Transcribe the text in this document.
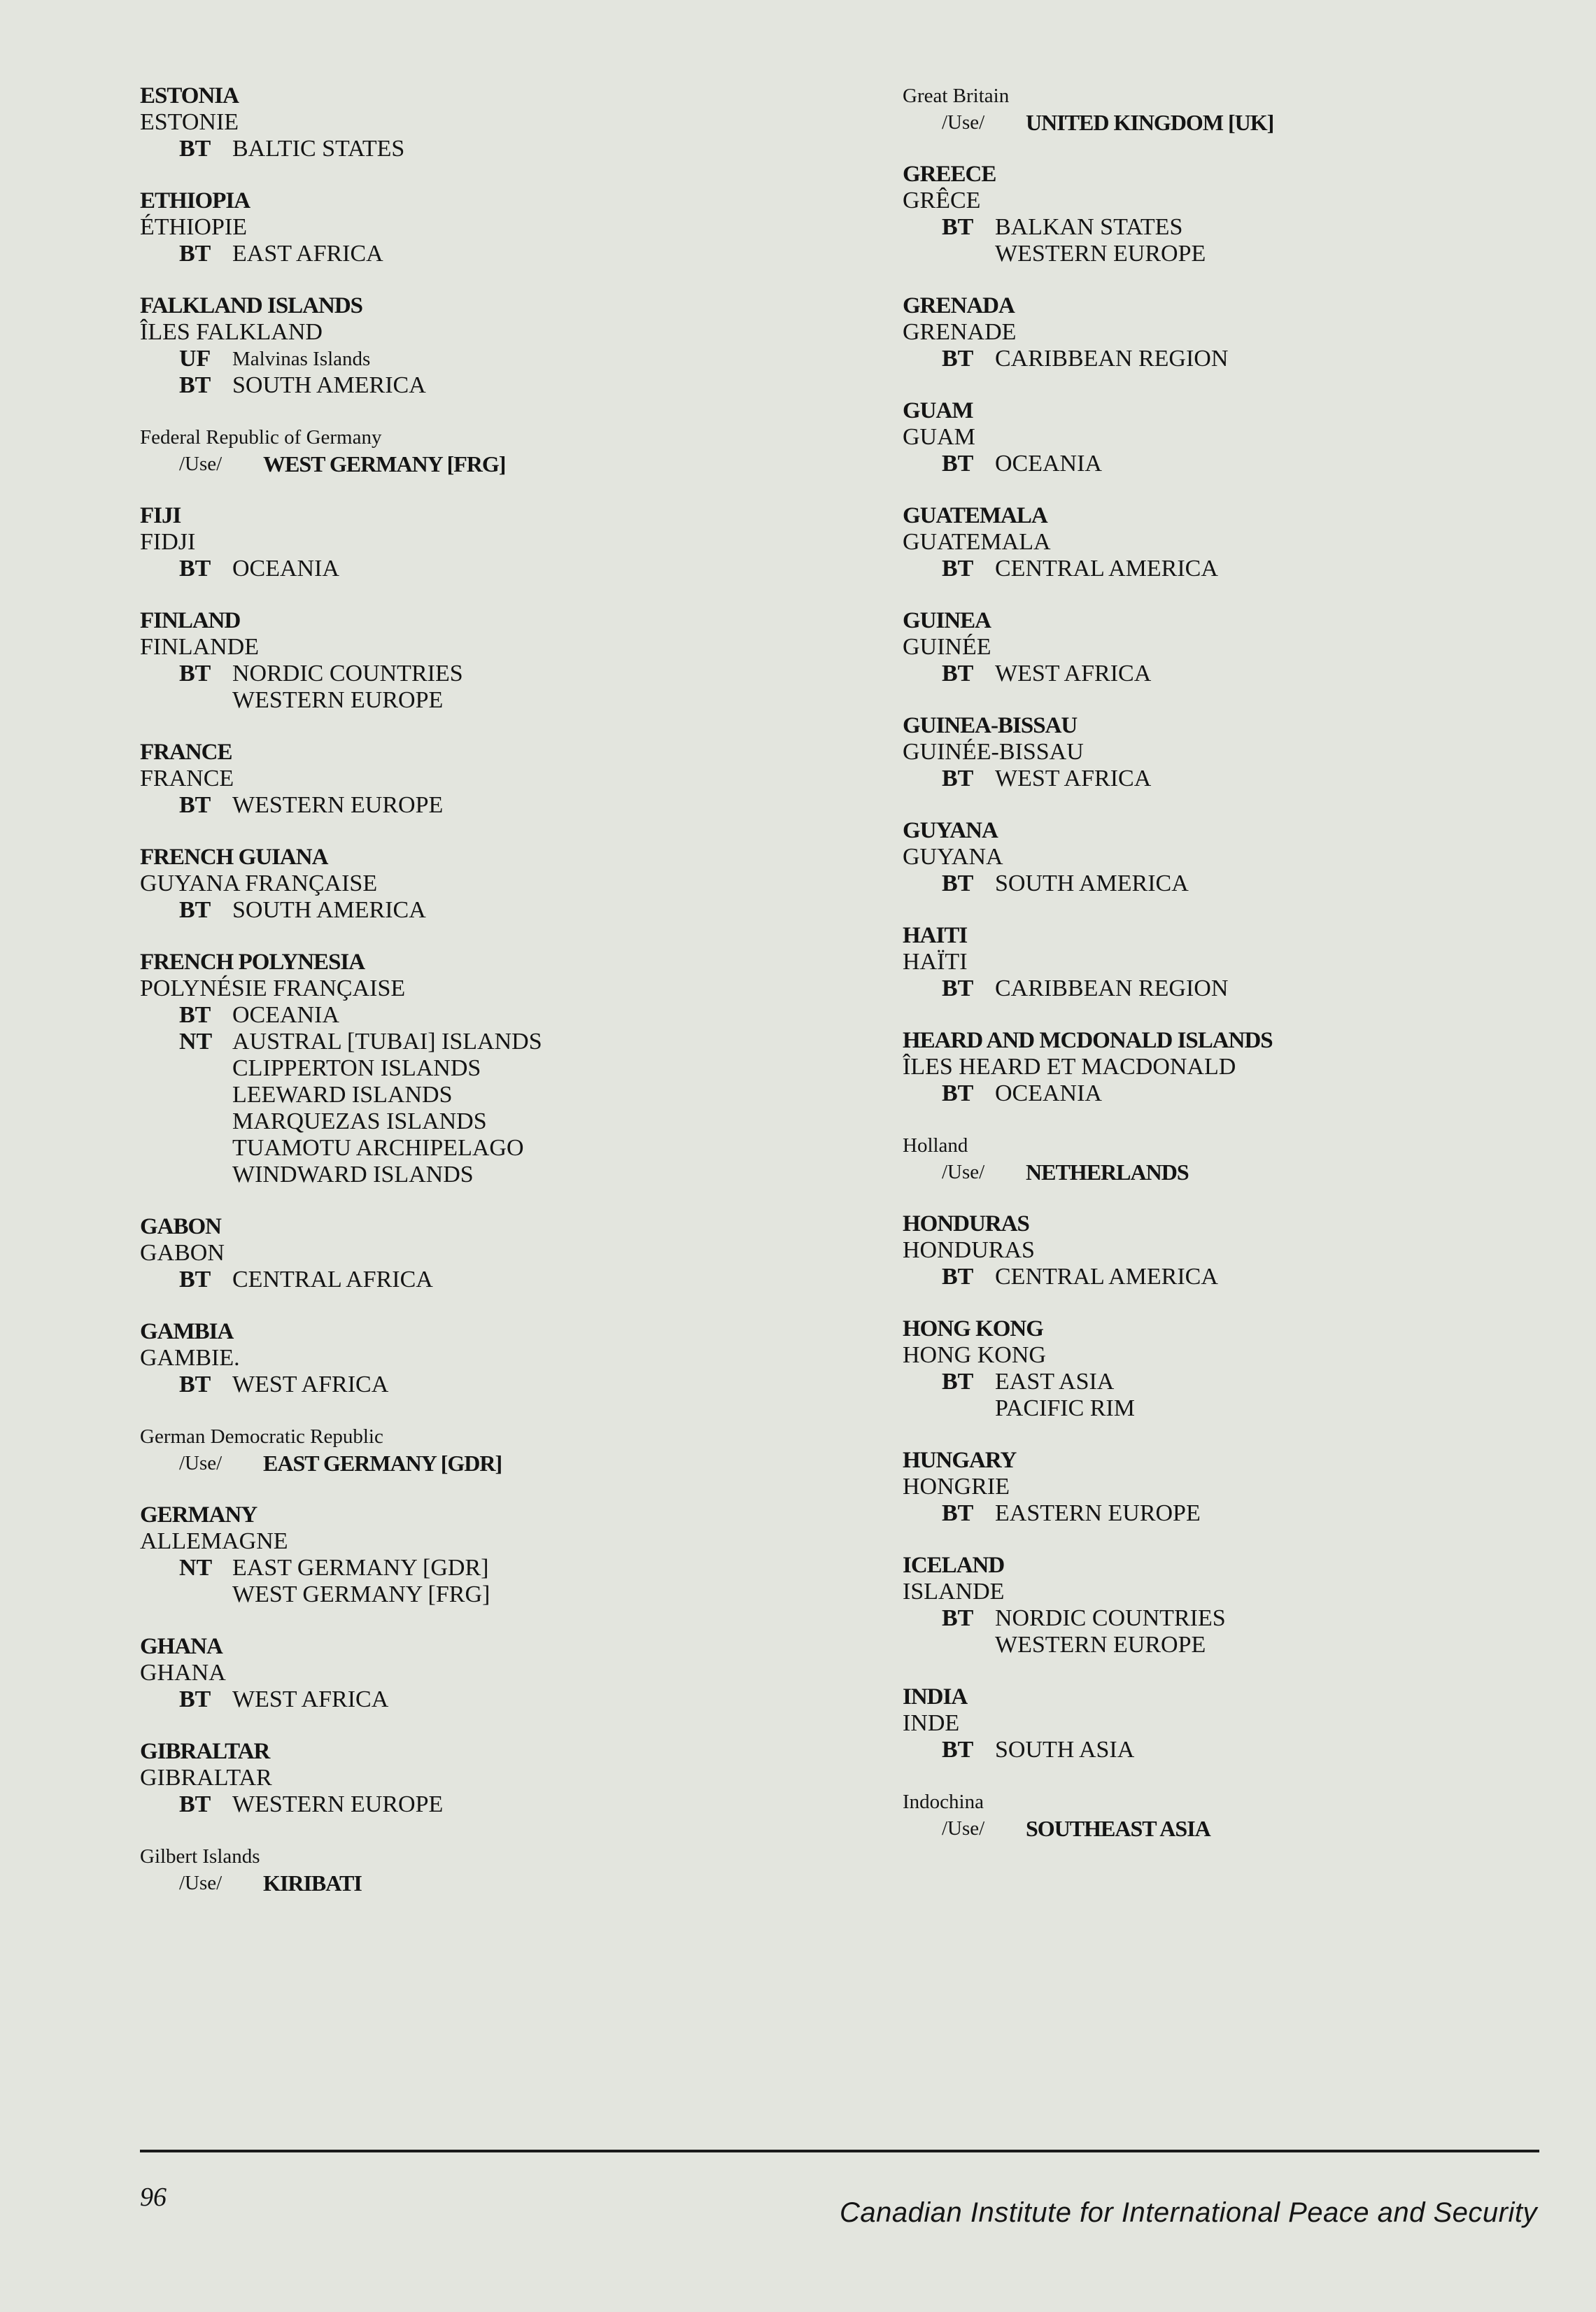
ESTONIA
ESTONIE
BT BALTIC STATES
ETHIOPIA
ÉTHIOPIE
BT EAST AFRICA
FALKLAND ISLANDS
ÎLES FALKLAND
UF	Malvinas Islands
BT SOUTH AMERICA
Federal Republic of Germany
/Use/	WEST GERMANY [FRG]
FIJI
FIDJI
BT OCEANIA
FINLAND
FINLANDE
BT NORDIC COUNTRIES
WESTERN EUROPE
FRANCE
FRANCE
BT WESTERN EUROPE
FRENCH GUIANA
GUYANA FRANÇAISE
BT SOUTH AMERICA
FRENCH POLYNESIA
POLYNÉSIE FRANÇAISE
BT OCEANIA
NT AUSTRAL [TUBAI] ISLANDS
CLIPPERTON ISLANDS
LEEWARD ISLANDS
MARQUEZAS ISLANDS
TUAMOTU ARCHIPELAGO
WINDWARD ISLANDS
GABON
GABON
BT CENTRAL AFRICA
GAMBIA
GAMBIE.
BT WEST AFRICA
German Democratic Republic
/Use/	EAST GERMANY [GDR]
GERMANY
ALLEMAGNE
NT EAST GERMANY [GDR]
WEST GERMANY [FRG]
GHANA
GHANA
BT WEST AFRICA
GIBRALTAR
GIBRALTAR
BT WESTERN EUROPE
Gilbert Islands
/Use/	KIRIBATI
Great Britain
/Use/	UNITED KINGDOM [UK]
GREECE
GRÊCE
BT BALKAN STATES
WESTERN EUROPE
GRENADA
GRENADE
BT CARIBBEAN REGION
GUAM
GUAM
BT OCEANIA
GUATEMALA
GUATEMALA
BT CENTRAL AMERICA
GUINEA
GUINÉE
BT WEST AFRICA
GUINEA-BISSAU
GUINÉE-BISSAU
BT WEST AFRICA
GUYANA
GUYANA
BT SOUTH AMERICA
HAITI
HAÏTI
BT CARIBBEAN REGION
HEARD AND MCDONALD ISLANDS
ÎLES HEARD ET MACDONALD
BT OCEANIA
Holland
/Use/	NETHERLANDS
HONDURAS
HONDURAS
BT CENTRAL AMERICA
HONG KONG
HONG KONG
BT EAST ASIA
PACIFIC RIM
HUNGARY
HONGRIE
BT EASTERN EUROPE
ICELAND
ISLANDE
BT NORDIC COUNTRIES
WESTERN EUROPE
INDIA
INDE
BT SOUTH ASIA
Indochina
/Use/	SOUTHEAST ASIA
96	Canadian Institute for International Peace and Security
